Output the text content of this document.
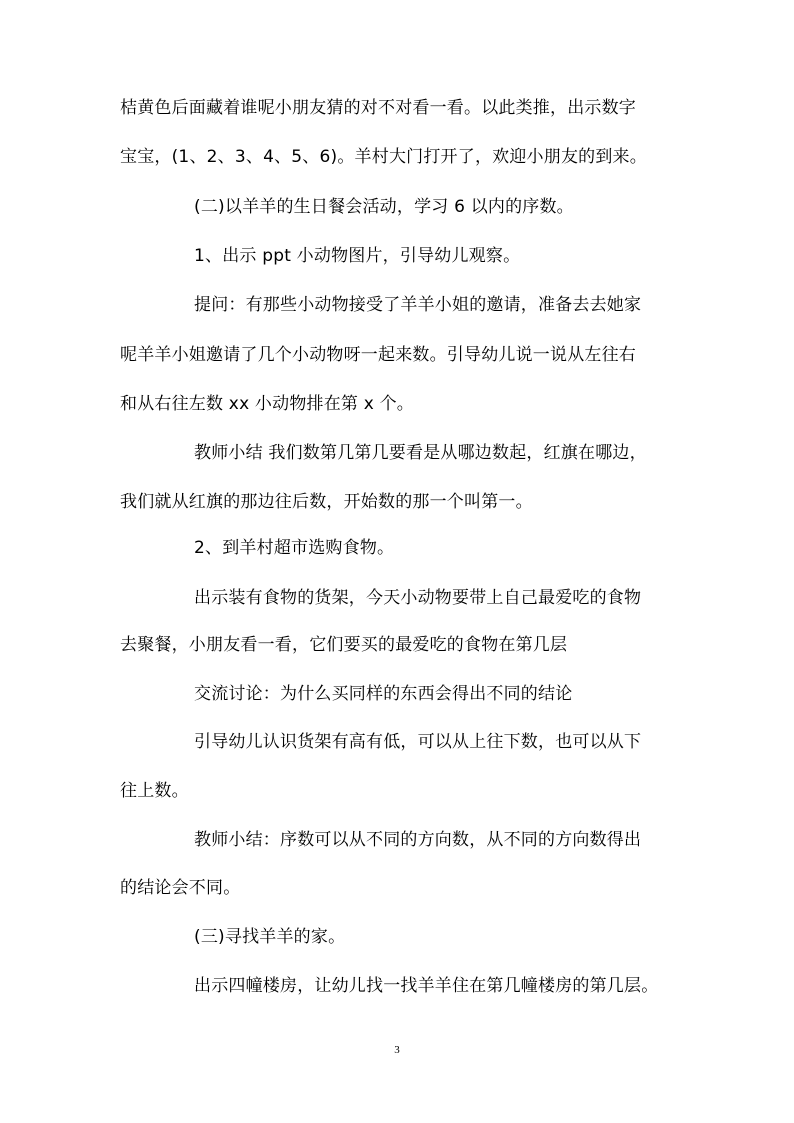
桔黄色后面藏着谁呢小朋友猜的对不对看一看。以此类推，出示数字
宝宝，(1、2、3、4、5、6)。羊村大门打开了，欢迎小朋友的到来。
(二)以羊羊的生日餐会活动，学习 6 以内的序数。
1、出示 ppt 小动物图片，引导幼儿观察。
提问：有那些小动物接受了羊羊小姐的邀请，准备去去她家
呢羊羊小姐邀请了几个小动物呀一起来数。引导幼儿说一说从左往右
和从右往左数 xx 小动物排在第 x 个。
教师小结 我们数第几第几要看是从哪边数起，红旗在哪边，
我们就从红旗的那边往后数，开始数的那一个叫第一。
2、到羊村超市选购食物。
出示装有食物的货架，今天小动物要带上自己最爱吃的食物
去聚餐，小朋友看一看，它们要买的最爱吃的食物在第几层
交流讨论：为什么买同样的东西会得出不同的结论
引导幼儿认识货架有高有低，可以从上往下数，也可以从下
往上数。
教师小结：序数可以从不同的方向数，从不同的方向数得出
的结论会不同。
(三)寻找羊羊的家。
出示四幢楼房，让幼儿找一找羊羊住在第几幢楼房的第几层。
3
